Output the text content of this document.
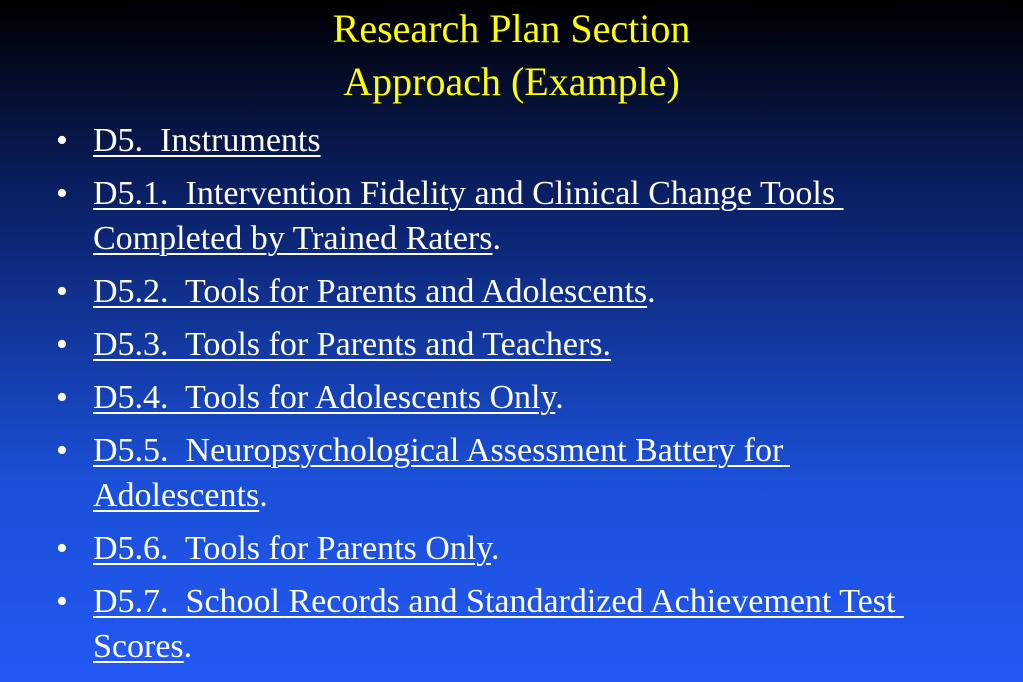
Research Plan Section
Approach (Example)
• D5.  Instruments
• D5.1.  Intervention Fidelity and Clinical Change Tools Completed by Trained Raters.
• D5.2.  Tools for Parents and Adolescents.
• D5.3.  Tools for Parents and Teachers.
• D5.4.  Tools for Adolescents Only.
• D5.5.  Neuropsychological Assessment Battery for Adolescents.
• D5.6.  Tools for Parents Only.
• D5.7.  School Records and Standardized Achievement Test Scores.
